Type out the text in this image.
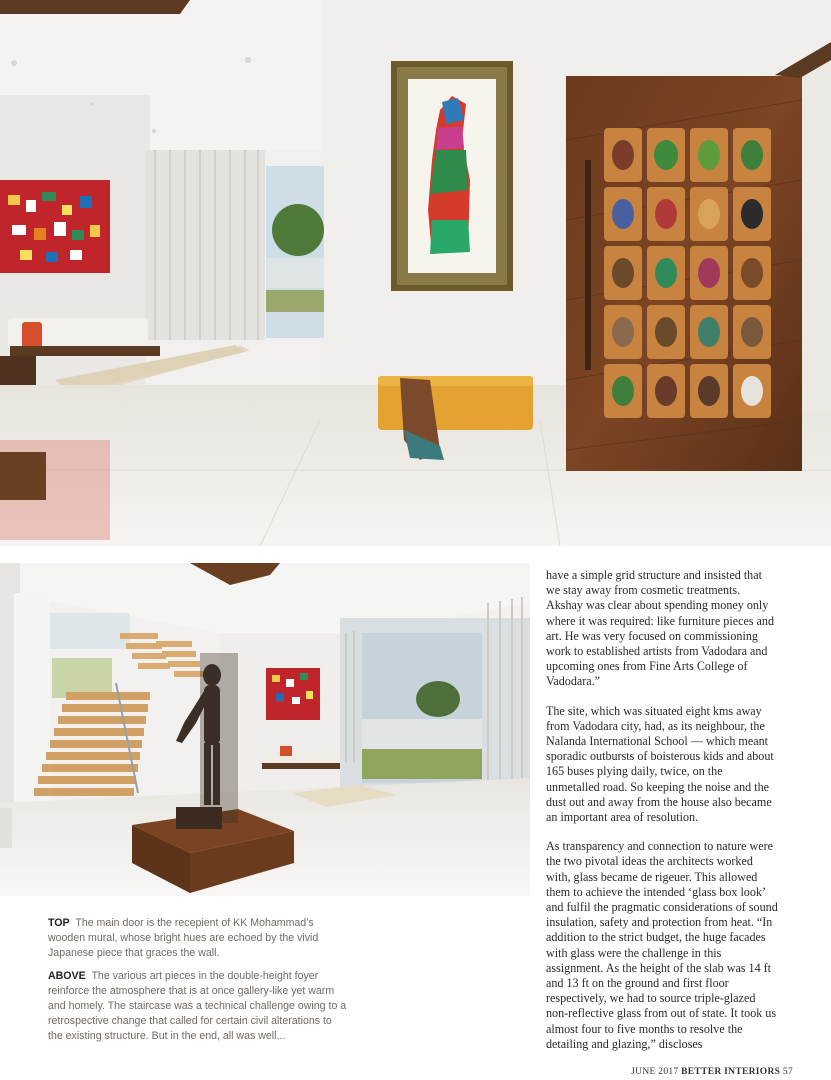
TOP The main door is the recepient of KK Mohammad’s wooden mural, whose bright hues are echoed by the vivid Japanese piece that graces the wall.

ABOVE The various art pieces in the double-height foyer reinforce the atmosphere that is at once gallery-like yet warm and homely. The staircase was a technical challenge owing to a retrospective change that called for certain civil alterations to the existing structure. But in the end, all was well...

have a simple grid structure and insisted that we stay away from cosmetic treatments. Akshay was clear about spending money only where it was required: like furniture pieces and art. He was very focused on commissioning work to established artists from Vadodara and upcoming ones from Fine Arts College of Vadodara.”

The site, which was situated eight kms away from Vadodara city, had, as its neighbour, the Nalanda International School — which meant sporadic outbursts of boisterous kids and about 165 buses plying daily, twice, on the unmetalled road. So keeping the noise and the dust out and away from the house also became an important area of resolution.

As transparency and connection to nature were the two pivotal ideas the architects worked with, glass became de rigeuer. This allowed them to achieve the intended ‘glass box look’ and fulfil the pragmatic considerations of sound insulation, safety and protection from heat. “In addition to the strict budget, the huge facades with glass were the challenge in this assignment. As the height of the slab was 14 ft and 13 ft on the ground and first floor respectively, we had to source triple-glazed non-reflective glass from out of state. It took us almost four to five months to resolve the detailing and glazing,” discloses

JUNE 2017 BETTER INTERIORS 57
